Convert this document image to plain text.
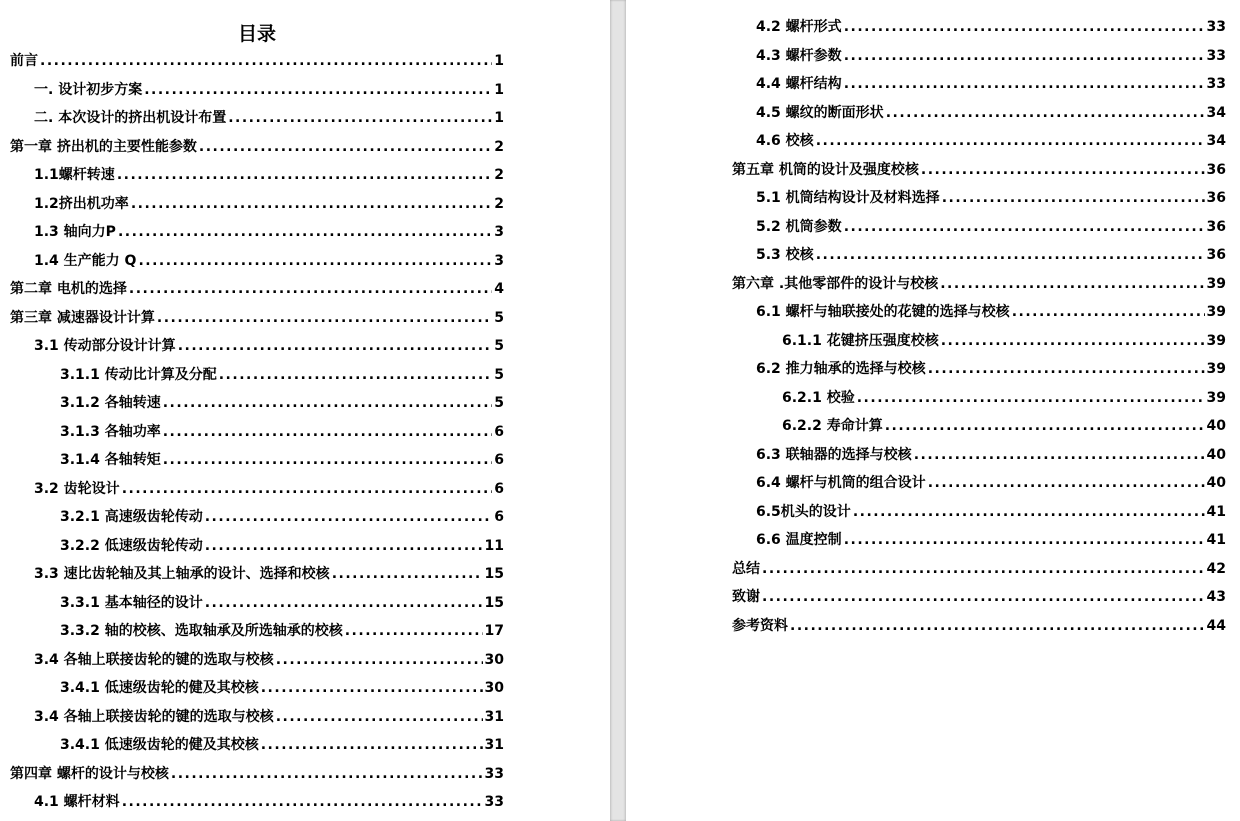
目录
前言 .....	1
一. 设计初步方案 .....	1
二. 本次设计的挤出机设计布置 .....	1
第一章 挤出机的主要性能参数 .....	2
1.1螺杆转速 .....	2
1.2挤出机功率 .....	2
1.3 轴向力P .....	3
1.4 生产能力 Q .....	3
第二章 电机的选择 .....	4
第三章 减速器设计计算 .....	5
3.1 传动部分设计计算 .....	5
3.1.1 传动比计算及分配 .....	5
3.1.2 各轴转速 .....	5
3.1.3 各轴功率 .....	6
3.1.4 各轴转矩 .....	6
3.2 齿轮设计 .....	6
3.2.1 高速级齿轮传动 .....	6
3.2.2 低速级齿轮传动 .....	11
3.3 速比齿轮轴及其上轴承的设计、选择和校核 .....	15
3.3.1 基本轴径的设计 .....	15
3.3.2 轴的校核、选取轴承及所选轴承的校核 .....	17
3.4 各轴上联接齿轮的键的选取与校核 .....	30
3.4.1 低速级齿轮的健及其校核 .....	30
3.4 各轴上联接齿轮的键的选取与校核 .....	31
3.4.1 低速级齿轮的健及其校核 .....	31
第四章 螺杆的设计与校核 .....	33
4.1 螺杆材料 .....	33
4.2 螺杆形式 .....	33
4.3 螺杆参数 .....	33
4.4 螺杆结构 .....	33
4.5 螺纹的断面形状 .....	34
4.6 校核 .....	34
第五章 机筒的设计及强度校核 .....	36
5.1 机筒结构设计及材料选择 .....	36
5.2 机筒参数 .....	36
5.3 校核 .....	36
第六章 .其他零部件的设计与校核 .....	39
6.1 螺杆与轴联接处的花键的选择与校核 .....	39
6.1.1 花键挤压强度校核 .....	39
6.2 推力轴承的选择与校核 .....	39
6.2.1 校验 .....	39
6.2.2 寿命计算 .....	40
6.3 联轴器的选择与校核 .....	40
6.4 螺杆与机筒的组合设计 .....	40
6.5机头的设计 .....	41
6.6 温度控制 .....	41
总结 .....	42
致谢 .....	43
参考资料 .....	44
